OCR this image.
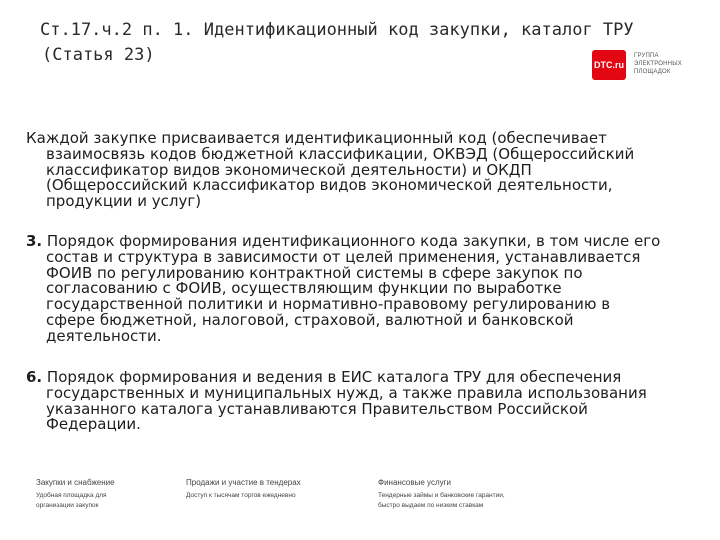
Ст.17.ч.2 п. 1. Идентификационный код закупки, каталог ТРУ
(Статья 23)	DTC.ru
ГРУППА
ЭЛЕКТРОННЫХ
ПЛОЩАДОК
Каждой закупке присваивается идентификационный код (обеспечивает
взаимосвязь кодов бюджетной классификации, ОКВЭД (Общероссийский
классификатор видов экономической деятельности) и ОКДП
(Общероссийский классификатор видов экономической деятельности,
продукции и услуг)
3. Порядок формирования идентификационного кода закупки, в том числе его
состав и структура в зависимости от целей применения, устанавливается
ФОИВ по регулированию контрактной системы в сфере закупок по
согласованию с ФОИВ, осуществляющим функции по выработке
государственной политики и нормативно-правовому регулированию в
сфере бюджетной, налоговой, страховой, валютной и банковской
деятельности.
6. Порядок формирования и ведения в ЕИС каталога ТРУ для обеспечения
государственных и муниципальных нужд, а также правила использования
указанного каталога устанавливаются Правительством Российской
Федерации.
Закупки и снабжение
Удобная площадка для
организации закупок
Продажи и участие в тендерах
Доступ к тысячам торгов ежедневно
Финансовые услуги
Тендерные займы и банковские гарантии,
быстро выдаем по низким ставкам
